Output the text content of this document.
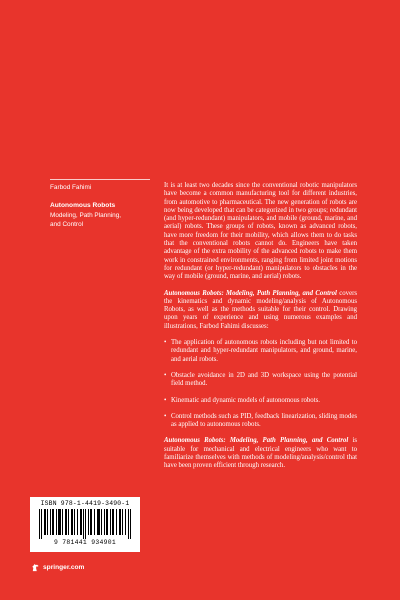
Farbod Fahimi
Autonomous Robots
Modeling, Path Planning, and Control

It is at least two decades since the conventional robotic manipulators have become a common manufacturing tool for different industries, from automotive to pharmaceutical. The new generation of robots are now being developed that can be categorized in two groups; redundant (and hyper-redundant) manipulators, and mobile (ground, marine, and aerial) robots. These groups of robots, known as advanced robots, have more freedom for their mobility, which allows them to do tasks that the conventional robots cannot do. Engineers have taken advantage of the extra mobility of the advanced robots to make them work in constrained environments, ranging from limited joint motions for redundant (or hyper-redundant) manipulators to obstacles in the way of mobile (ground, marine, and aerial) robots.

Autonomous Robots: Modeling, Path Planning, and Control covers the kinematics and dynamic modeling/analysis of Autonomous Robots, as well as the methods suitable for their control. Drawing upon years of experience and using numerous examples and illustrations, Farbod Fahimi discusses:

• The application of autonomous robots including but not limited to redundant and hyper-redundant manipulators, and ground, marine, and aerial robots.
• Obstacle avoidance in 2D and 3D workspace using the potential field method.
• Kinematic and dynamic models of autonomous robots.
• Control methods such as PID, feedback linearization, sliding modes as applied to autonomous robots.

Autonomous Robots: Modeling, Path Planning, and Control is suitable for mechanical and electrical engineers who want to familiarize themselves with methods of modeling/analysis/control that have been proven efficient through research.

ISBN 978-1-4419-3490-1
9 781441 934901
springer.com
